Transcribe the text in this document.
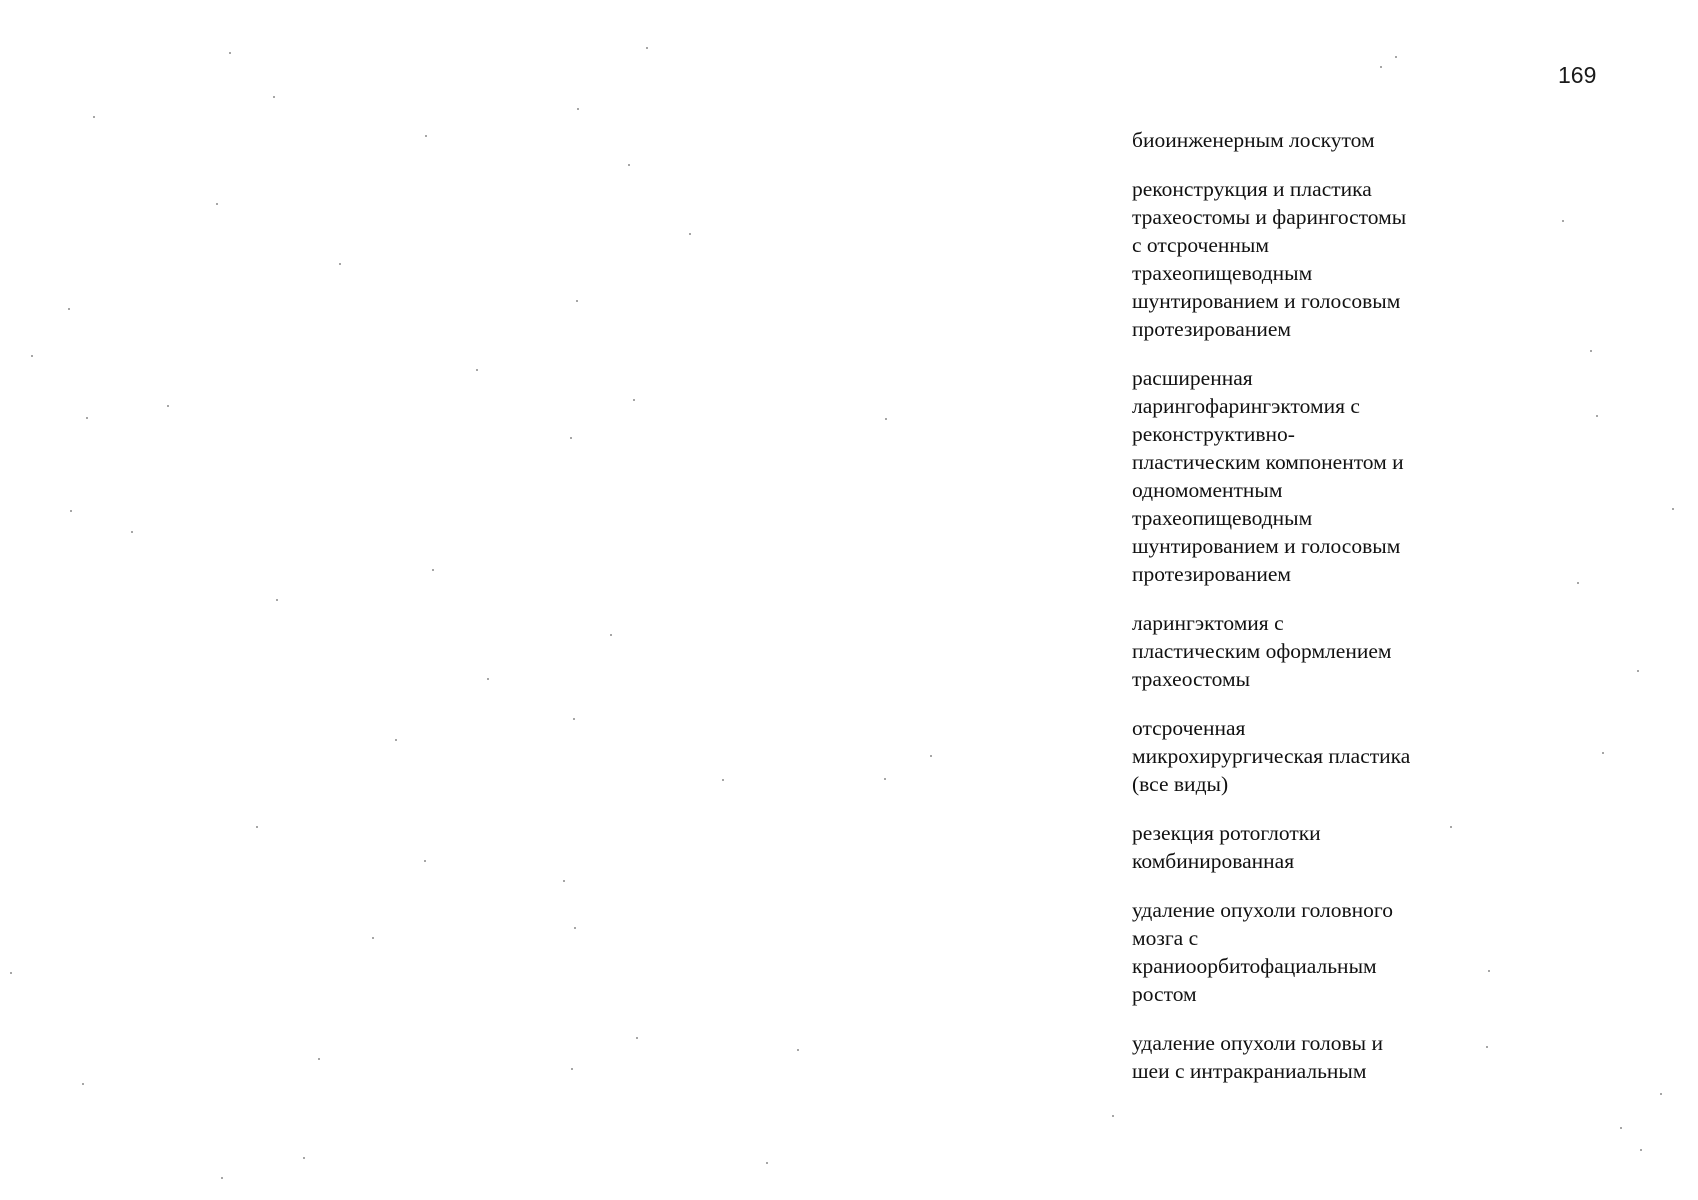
169
биоинженерным лоскутом
реконструкция и пластика
трахеостомы и фарингостомы
с отсроченным
трахеопищеводным
шунтированием и голосовым
протезированием
расширенная
ларингофарингэктомия с
реконструктивно-
пластическим компонентом и
одномоментным
трахеопищеводным
шунтированием и голосовым
протезированием
ларингэктомия с
пластическим оформлением
трахеостомы
отсроченная
микрохирургическая пластика
(все виды)
резекция ротоглотки
комбинированная
удаление опухоли головного
мозга с
краниоорбитофациальным
ростом
удаление опухоли головы и
шеи с интракраниальным
